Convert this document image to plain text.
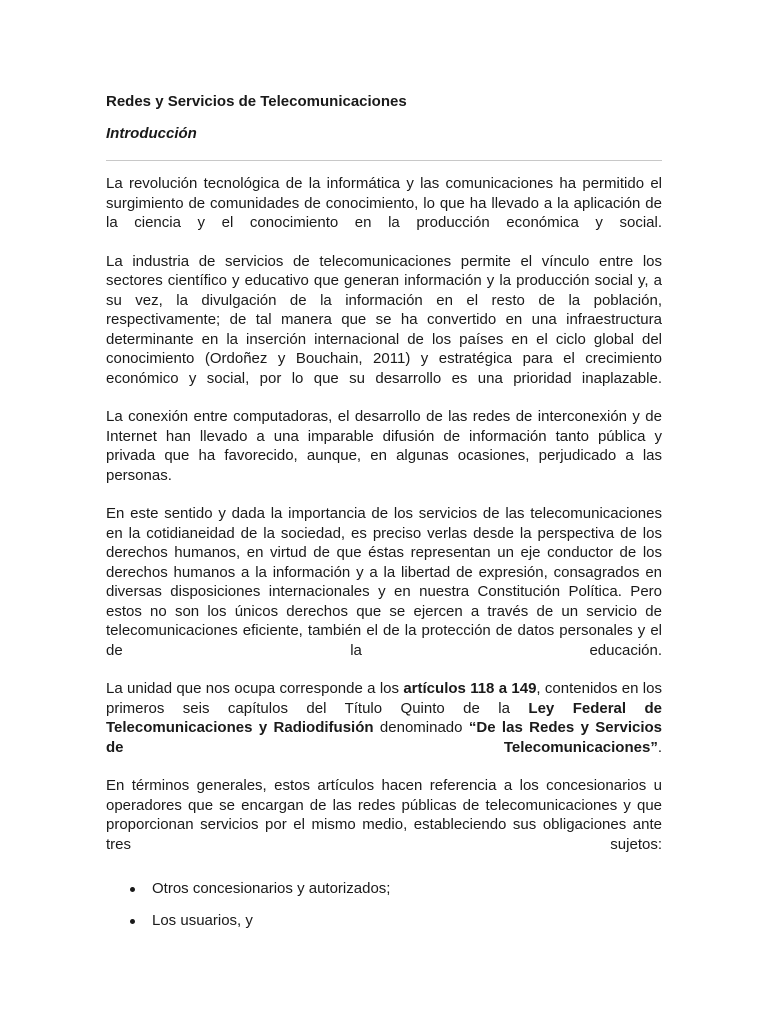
Redes y Servicios de Telecomunicaciones
Introducción

La revolución tecnológica de la informática y las comunicaciones ha permitido el surgimiento de comunidades de conocimiento, lo que ha llevado a la aplicación de la ciencia y el conocimiento en la producción económica y social.

La industria de servicios de telecomunicaciones permite el vínculo entre los sectores científico y educativo que generan información y la producción social y, a su vez, la divulgación de la información en el resto de la población, respectivamente; de tal manera que se ha convertido en una infraestructura determinante en la inserción internacional de los países en el ciclo global del conocimiento (Ordoñez y Bouchain, 2011) y estratégica para el crecimiento económico y social, por lo que su desarrollo es una prioridad inaplazable.

La conexión entre computadoras, el desarrollo de las redes de interconexión y de Internet han llevado a una imparable difusión de información tanto pública y privada que ha favorecido, aunque, en algunas ocasiones, perjudicado a las personas.

En este sentido y dada la importancia de los servicios de las telecomunicaciones en la cotidianeidad de la sociedad, es preciso verlas desde la perspectiva de los derechos humanos, en virtud de que éstas representan un eje conductor de los derechos humanos a la información y a la libertad de expresión, consagrados en diversas disposiciones internacionales y en nuestra Constitución Política. Pero estos no son los únicos derechos que se ejercen a través de un servicio de telecomunicaciones eficiente, también el de la protección de datos personales y el de la educación.

La unidad que nos ocupa corresponde a los artículos 118 a 149, contenidos en los primeros seis capítulos del Título Quinto de la Ley Federal de Telecomunicaciones y Radiodifusión denominado “De las Redes y Servicios de Telecomunicaciones”.

En términos generales, estos artículos hacen referencia a los concesionarios u operadores que se encargan de las redes públicas de telecomunicaciones y que proporcionan servicios por el mismo medio, estableciendo sus obligaciones ante tres sujetos:

Otros concesionarios y autorizados;
Los usuarios, y
